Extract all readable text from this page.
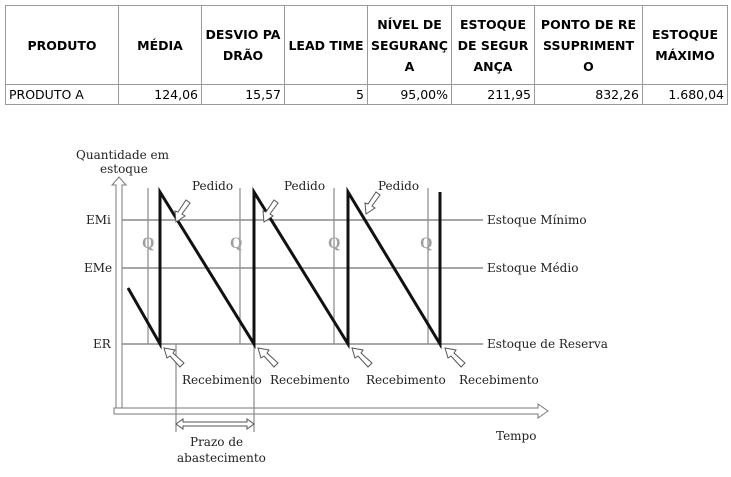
PRODUTO	MÉDIA	DESVIO PADRÃO	LEAD TIME	NÍVEL DE SEGURANÇA	ESTOQUE DE SEGURANÇA	PONTO DE RESSUPRIMENTO	ESTOQUE MÁXIMO
PRODUTO A	124,06	15,57	5	95,00%	211,95	832,26	1.680,04
Q	Q	Q	Q
Pedido	Pedido	Pedido
Recebimento Recebimento Recebimento Recebimento
Quantidade em
estoque
EMi
EMe
ER
Estoque Mínimo
Estoque Médio
Estoque de Reserva
Prazo de
abastecimento
Tempo
